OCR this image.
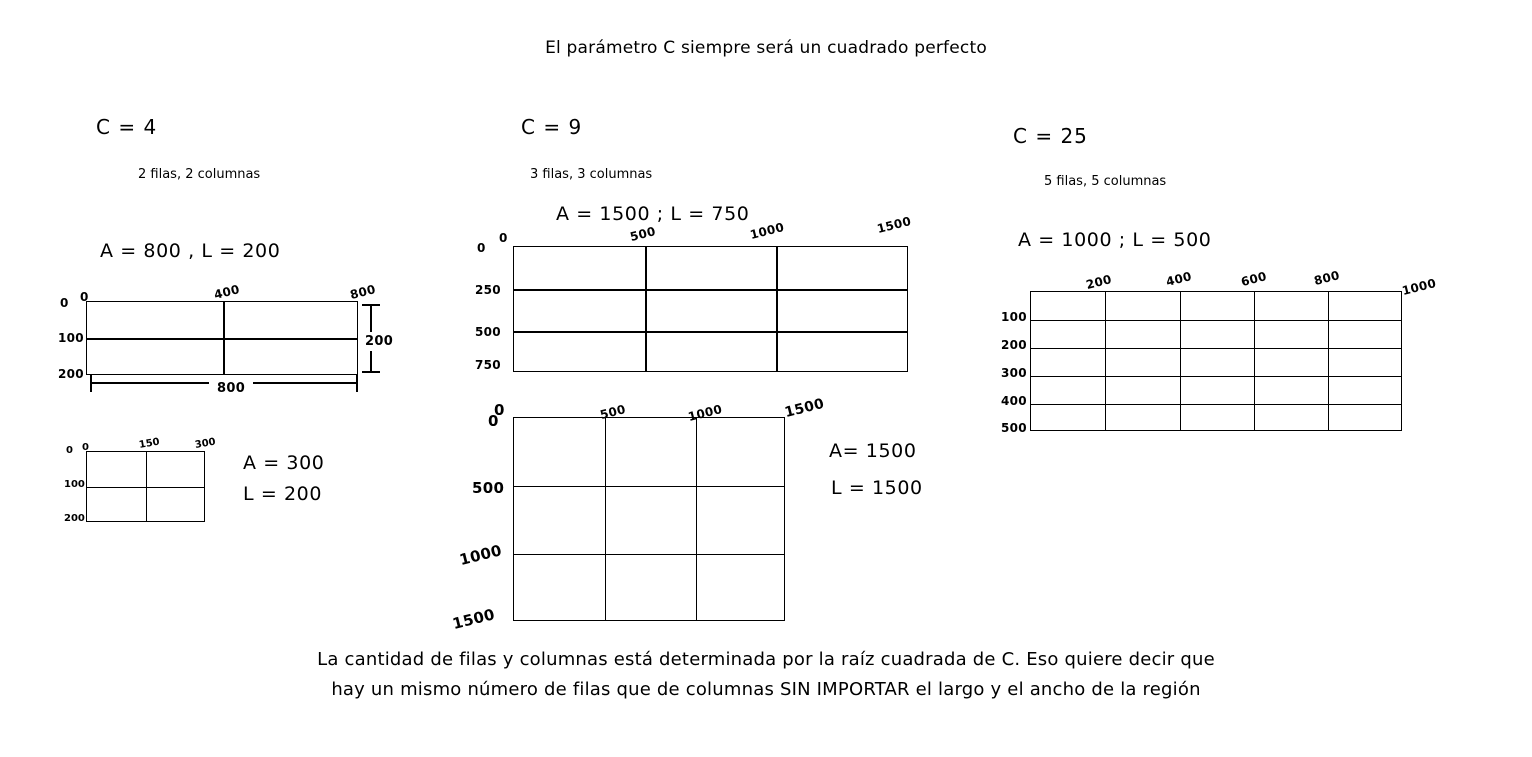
El parámetro C siempre será un cuadrado perfecto
C = 4
2 filas, 2 columnas
A = 800 , L = 200
0	400	800
0
100
200
800
200
0	150	300
0
100
200
A = 300
L = 200
C = 9
3 filas, 3 columnas
A = 1500 ; L = 750
0	500	1000	1500
0
250
500
750
0	500	1000	1500
0
500
1000
1500
A= 1500
L = 1500
C = 25
5 filas, 5 columnas
A = 1000 ; L = 500
200	400	600	800	1000
100
200
300
400
500
La cantidad de filas y columnas está determinada por la raíz cuadrada de C. Eso quiere decir que
hay un mismo número de filas que de columnas SIN IMPORTAR el largo y el ancho de la región
